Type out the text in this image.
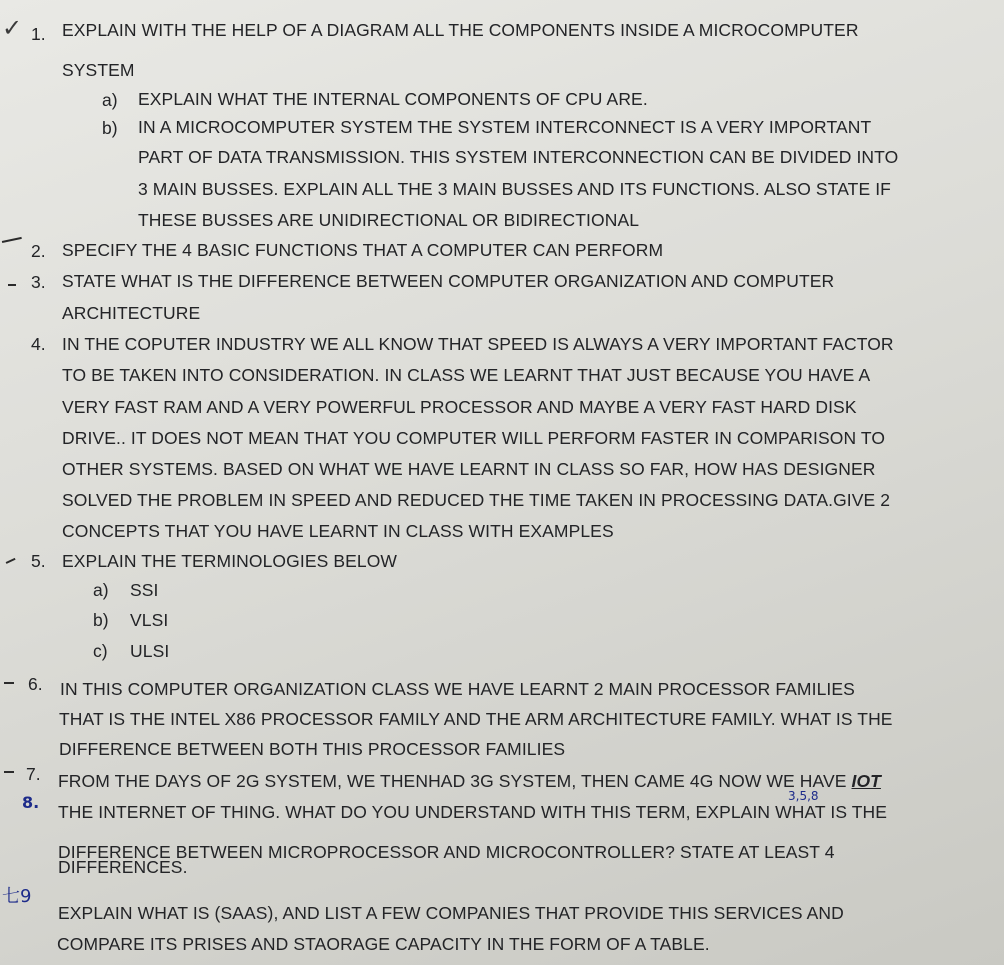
✓ 1. EXPLAIN WITH THE HELP OF A DIAGRAM ALL THE COMPONENTS INSIDE A MICROCOMPUTER
SYSTEM
a) EXPLAIN WHAT THE INTERNAL COMPONENTS OF CPU ARE.
b) IN A MICROCOMPUTER SYSTEM THE SYSTEM INTERCONNECT IS A VERY IMPORTANT
PART OF DATA TRANSMISSION. THIS SYSTEM INTERCONNECTION CAN BE DIVIDED INTO
3 MAIN BUSSES. EXPLAIN ALL THE 3 MAIN BUSSES AND ITS FUNCTIONS. ALSO STATE IF
THESE BUSSES ARE UNIDIRECTIONAL OR BIDIRECTIONAL
2. SPECIFY THE 4 BASIC FUNCTIONS THAT A COMPUTER CAN PERFORM
3. STATE WHAT IS THE DIFFERENCE BETWEEN COMPUTER ORGANIZATION AND COMPUTER
ARCHITECTURE
4. IN THE COPUTER INDUSTRY WE ALL KNOW THAT SPEED IS ALWAYS A VERY IMPORTANT FACTOR
TO BE TAKEN INTO CONSIDERATION. IN CLASS WE LEARNT THAT JUST BECAUSE YOU HAVE A
VERY FAST RAM AND A VERY POWERFUL PROCESSOR AND MAYBE A VERY FAST HARD DISK
DRIVE.. IT DOES NOT MEAN THAT YOU COMPUTER WILL PERFORM FASTER IN COMPARISON TO
OTHER SYSTEMS. BASED ON WHAT WE HAVE LEARNT IN CLASS SO FAR, HOW HAS DESIGNER
SOLVED THE PROBLEM IN SPEED AND REDUCED THE TIME TAKEN IN PROCESSING DATA.GIVE 2
CONCEPTS THAT YOU HAVE LEARNT IN CLASS WITH EXAMPLES
5. EXPLAIN THE TERMINOLOGIES BELOW
a) SSI
b) VLSI
c) ULSI
6. IN THIS COMPUTER ORGANIZATION CLASS WE HAVE LEARNT 2 MAIN PROCESSOR FAMILIES
THAT IS THE INTEL X86 PROCESSOR FAMILY AND THE ARM ARCHITECTURE FAMILY. WHAT IS THE
DIFFERENCE BETWEEN BOTH THIS PROCESSOR FAMILIES
7. FROM THE DAYS OF 2G SYSTEM, WE THENHAD 3G SYSTEM, THEN CAME 4G NOW WE HAVE IOT
8. THE INTERNET OF THING. WHAT DO YOU UNDERSTAND WITH THIS TERM, EXPLAIN WHAT IS THE
3,5,8
DIFFERENCE BETWEEN MICROPROCESSOR AND MICROCONTROLLER? STATE AT LEAST 4
DIFFERENCES.
七9
EXPLAIN WHAT IS (SAAS), AND LIST A FEW COMPANIES THAT PROVIDE THIS SERVICES AND
COMPARE ITS PRISES AND STAORAGE CAPACITY IN THE FORM OF A TABLE.
